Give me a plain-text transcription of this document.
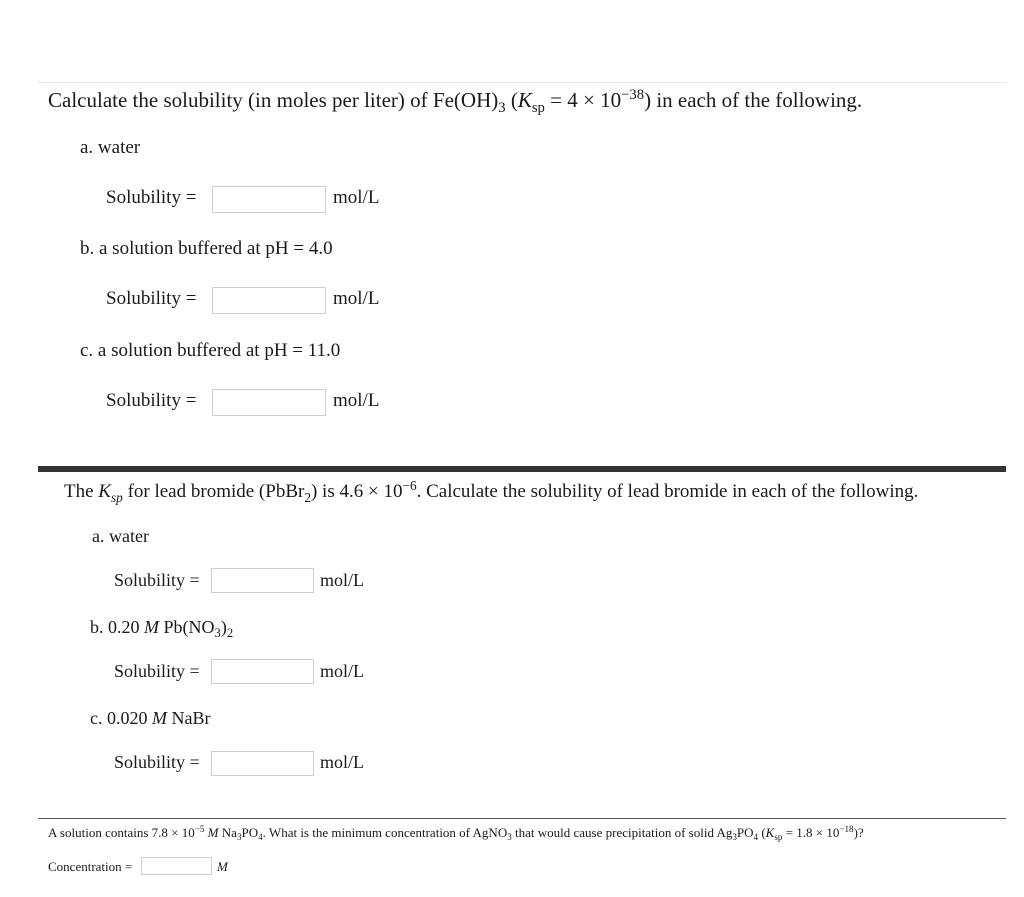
Calculate the solubility (in moles per liter) of $Fe(OH)_3$ $(K_{sp} = 4 \times 10^{-38})$ in each of the following.
a. water
Solubility =	mol/L
b. a solution buffered at pH = 4.0
Solubility =	mol/L
c. a solution buffered at pH = 11.0
Solubility =	mol/L
The $K_{sp}$ for lead bromide (PbBr$_2$) is $4.6 \times 10^{-6}$. Calculate the solubility of lead bromide in each of the following.
a. water
Solubility =	mol/L
b. 0.20 M $Pb(NO_3)_2$
Solubility =	mol/L
c. 0.020 M NaBr
Solubility =	mol/L
A solution contains $7.8 \times 10^{-5}$ M $Na_3PO_4$. What is the minimum concentration of AgNO$_3$ that would cause precipitation of solid $Ag_3PO_4$ $(K_{sp} = 1.8 \times 10^{-18})$?
Concentration =	M
